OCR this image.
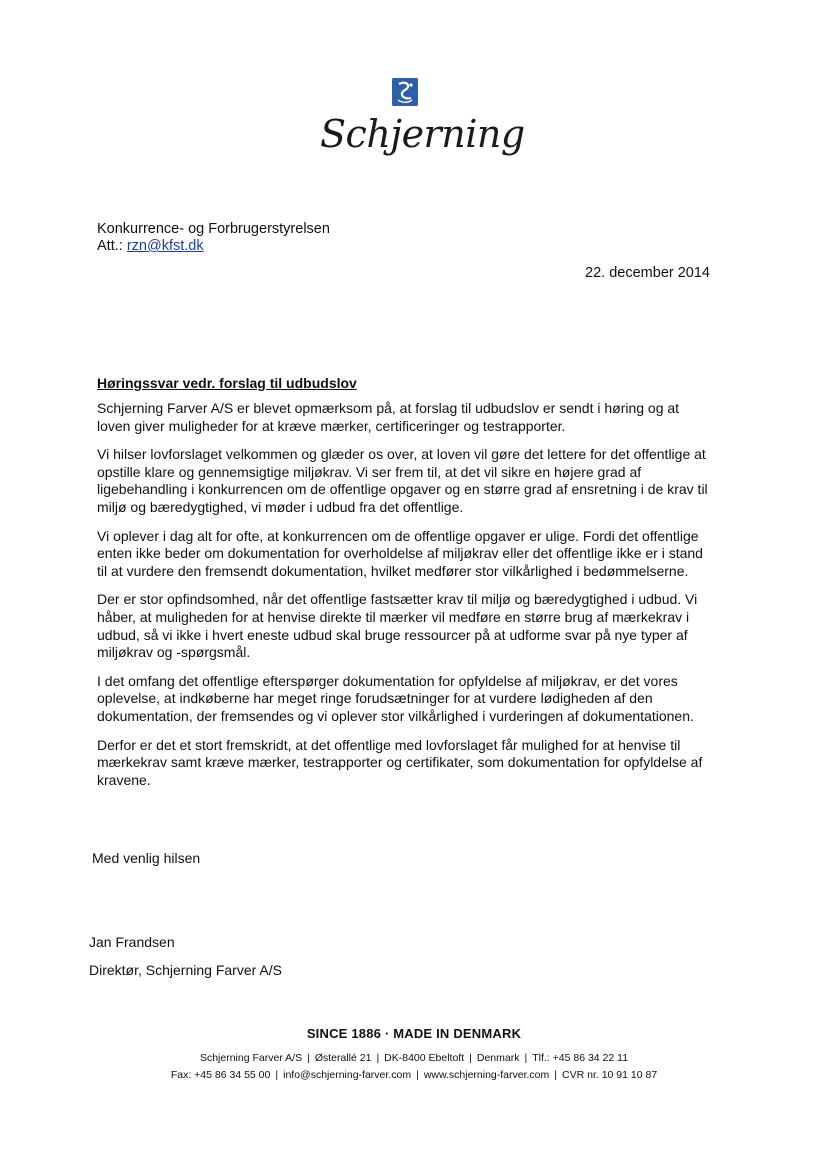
Schjerning
Konkurrence- og Forbrugerstyrelsen
Att.: rzn@kfst.dk
22. december 2014
Høringssvar vedr. forslag til udbudslov

Schjerning Farver A/S er blevet opmærksom på, at forslag til udbudslov er sendt i høring og at loven giver muligheder for at kræve mærker, certificeringer og testrapporter.

Vi hilser lovforslaget velkommen og glæder os over, at loven vil gøre det lettere for det offentlige at opstille klare og gennemsigtige miljøkrav. Vi ser frem til, at det vil sikre en højere grad af ligebehandling i konkurrencen om de offentlige opgaver og en større grad af ensretning i de krav til miljø og bæredygtighed, vi møder i udbud fra det offentlige.

Vi oplever i dag alt for ofte, at konkurrencen om de offentlige opgaver er ulige. Fordi det offentlige enten ikke beder om dokumentation for overholdelse af miljøkrav eller det offentlige ikke er i stand til at vurdere den fremsendt dokumentation, hvilket medfører stor vilkårlighed i bedømmelserne.

Der er stor opfindsomhed, når det offentlige fastsætter krav til miljø og bæredygtighed i udbud. Vi håber, at muligheden for at henvise direkte til mærker vil medføre en større brug af mærkekrav i udbud, så vi ikke i hvert eneste udbud skal bruge ressourcer på at udforme svar på nye typer af miljøkrav og -spørgsmål.

I det omfang det offentlige efterspørger dokumentation for opfyldelse af miljøkrav, er det vores oplevelse, at indkøberne har meget ringe forudsætninger for at vurdere lødigheden af den dokumentation, der fremsendes og vi oplever stor vilkårlighed i vurderingen af dokumentationen.

Derfor er det et stort fremskridt, at det offentlige med lovforslaget får mulighed for at henvise til mærkekrav samt kræve mærker, testrapporter og certifikater, som dokumentation for opfyldelse af kravene.

Med venlig hilsen
Jan Frandsen
Direktør, Schjerning Farver A/S
SINCE 1886 · MADE IN DENMARK
Schjerning Farver A/S | Østerallé 21 | DK-8400 Ebeltoft | Denmark | Tlf.: +45 86 34 22 11
Fax: +45 86 34 55 00 | info@schjerning-farver.com | www.schjerning-farver.com | CVR nr. 10 91 10 87
